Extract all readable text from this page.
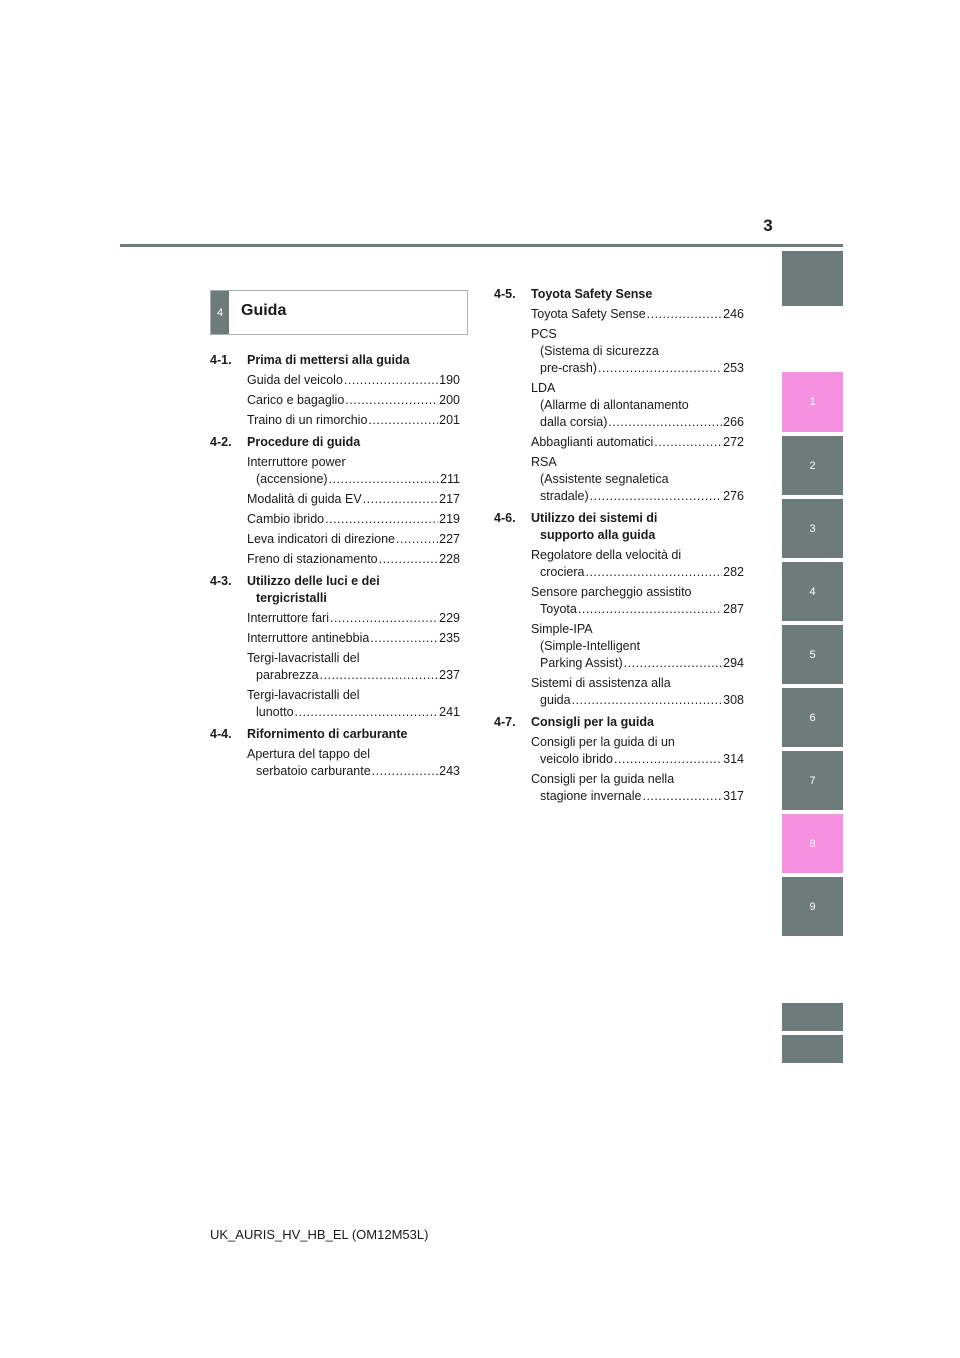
3
1
2
3
4
5
6
7
8
9
4	Guida
4-1.	Prima di mettersi alla guida
Guida del veicolo .....	190
Carico e bagaglio .....	200
Traino di un rimorchio .....	201
4-2.	Procedure di guida
Interruttore power
(accensione) .....	211
Modalità di guida EV .....	217
Cambio ibrido .....	219
Leva indicatori di direzione .....	227
Freno di stazionamento .....	228
4-3.	Utilizzo delle luci e dei
tergicristalli
Interruttore fari .....	229
Interruttore antinebbia .....	235
Tergi-lavacristalli del
parabrezza .....	237
Tergi-lavacristalli del
lunotto .....	241
4-4.	Rifornimento di carburante
Apertura del tappo del
serbatoio carburante .....	243
4-5.	Toyota Safety Sense
Toyota Safety Sense .....	246
PCS
(Sistema di sicurezza
pre-crash) .....	253
LDA
(Allarme di allontanamento
dalla corsia) .....	266
Abbaglianti automatici .....	272
RSA
(Assistente segnaletica
stradale) .....	276
4-6.	Utilizzo dei sistemi di
supporto alla guida
Regolatore della velocità di
crociera .....	282
Sensore parcheggio assistito
Toyota .....	287
Simple-IPA
(Simple-Intelligent
Parking Assist) .....	294
Sistemi di assistenza alla
guida .....	308
4-7.	Consigli per la guida
Consigli per la guida di un
veicolo ibrido .....	314
Consigli per la guida nella
stagione invernale .....	317
UK_AURIS_HV_HB_EL (OM12M53L)
